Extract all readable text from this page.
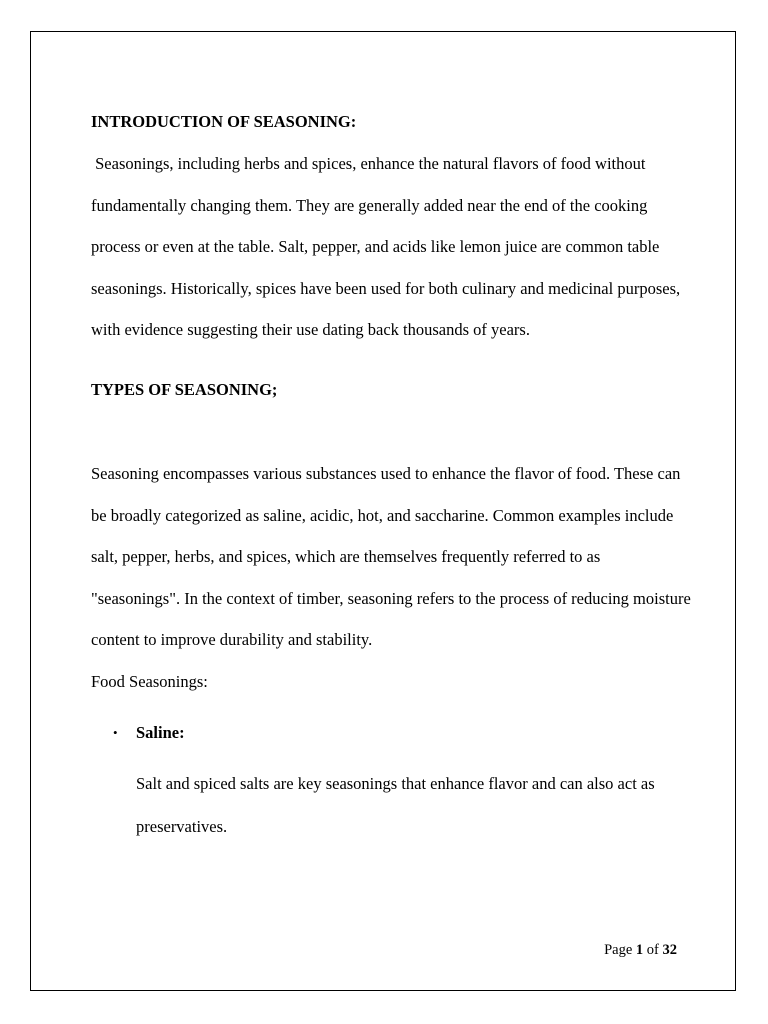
INTRODUCTION OF SEASONING:

Seasonings, including herbs and spices, enhance the natural flavors of food without fundamentally changing them. They are generally added near the end of the cooking process or even at the table. Salt, pepper, and acids like lemon juice are common table seasonings. Historically, spices have been used for both culinary and medicinal purposes, with evidence suggesting their use dating back thousands of years.

TYPES OF SEASONING;

Seasoning encompasses various substances used to enhance the flavor of food. These can be broadly categorized as saline, acidic, hot, and saccharine. Common examples include salt, pepper, herbs, and spices, which are themselves frequently referred to as "seasonings". In the context of timber, seasoning refers to the process of reducing moisture content to improve durability and stability.

Food Seasonings:

• Saline:

Salt and spiced salts are key seasonings that enhance flavor and can also act as preservatives.

Page 1 of 32
